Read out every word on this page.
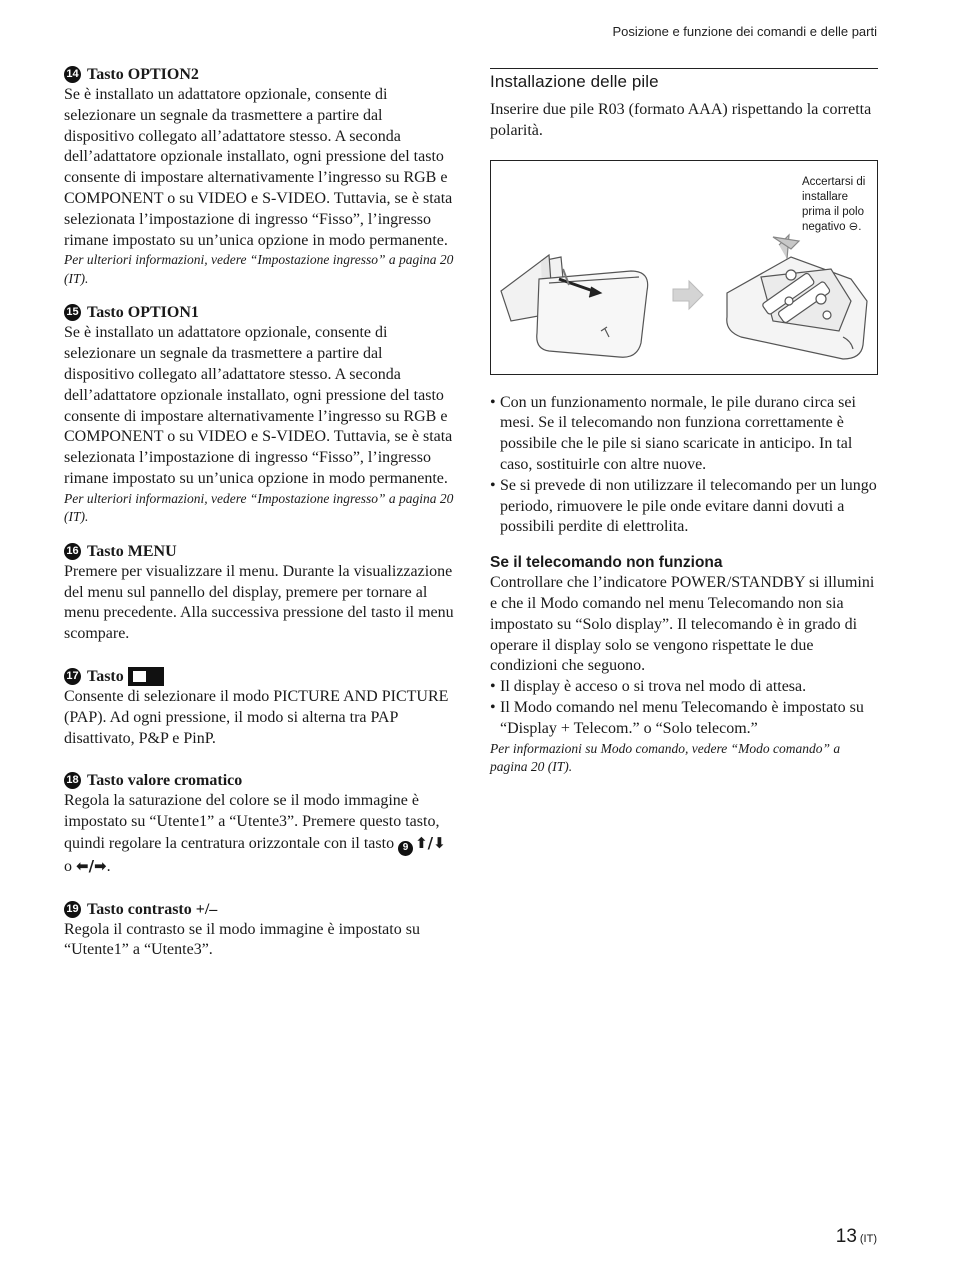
Posizione e funzione dei comandi e delle parti
14 Tasto OPTION2

Se è installato un adattatore opzionale, consente di selezionare un segnale da trasmettere a partire dal dispositivo collegato all’adattatore stesso. A seconda dell’adattatore opzionale installato, ogni pressione del tasto consente di impostare alternativamente l’ingresso su RGB e COMPONENT o su VIDEO e S-VIDEO. Tuttavia, se è stata selezionata l’impostazione di ingresso “Fisso”, l’ingresso rimane impostato su un’unica opzione in modo permanente.

Per ulteriori informazioni, vedere “Impostazione ingresso” a pagina 20 (IT).

15 Tasto OPTION1

Se è installato un adattatore opzionale, consente di selezionare un segnale da trasmettere a partire dal dispositivo collegato all’adattatore stesso. A seconda dell’adattatore opzionale installato, ogni pressione del tasto consente di impostare alternativamente l’ingresso su RGB e COMPONENT o su VIDEO e S-VIDEO. Tuttavia, se è stata selezionata l’impostazione di ingresso “Fisso”, l’ingresso rimane impostato su un’unica opzione in modo permanente.

Per ulteriori informazioni, vedere “Impostazione ingresso” a pagina 20 (IT).

16 Tasto MENU

Premere per visualizzare il menu. Durante la visualizzazione del menu sul pannello del display, premere per tornare al menu precedente. Alla successiva pressione del tasto il menu scompare.

17 Tasto

Consente di selezionare il modo PICTURE AND PICTURE (PAP). Ad ogni pressione, il modo si alterna tra PAP disattivato, P&P e PinP.

18 Tasto valore cromatico

Regola la saturazione del colore se il modo immagine è impostato su “Utente1” a “Utente3”. Premere questo tasto, quindi regolare la centratura orizzontale con il tasto 9 ⬆/⬇ o ⬅/➡.

19 Tasto contrasto +/–

Regola il contrasto se il modo immagine è impostato su “Utente1” a “Utente3”.

Installazione delle pile

Inserire due pile R03 (formato AAA) rispettando la corretta polarità.

Accertarsi di installare prima il polo negativo ⊖.
• Con un funzionamento normale, le pile durano circa sei mesi. Se il telecomando non funziona correttamente è possibile che le pile si siano scaricate in anticipo. In tal caso, sostituirle con altre nuove.
• Se si prevede di non utilizzare il telecomando per un lungo periodo, rimuovere le pile onde evitare danni dovuti a possibili perdite di elettrolita.
Se il telecomando non funziona

Controllare che l’indicatore POWER/STANDBY si illumini e che il Modo comando nel menu Telecomando non sia impostato su “Solo display”. Il telecomando è in grado di operare il display solo se vengono rispettate le due condizioni che seguono.

• Il display è acceso o si trova nel modo di attesa.
• Il Modo comando nel menu Telecomando è impostato su “Display + Telecom.” o “Solo telecom.”

Per informazioni su Modo comando, vedere “Modo comando” a pagina 20 (IT).

13 (IT)
